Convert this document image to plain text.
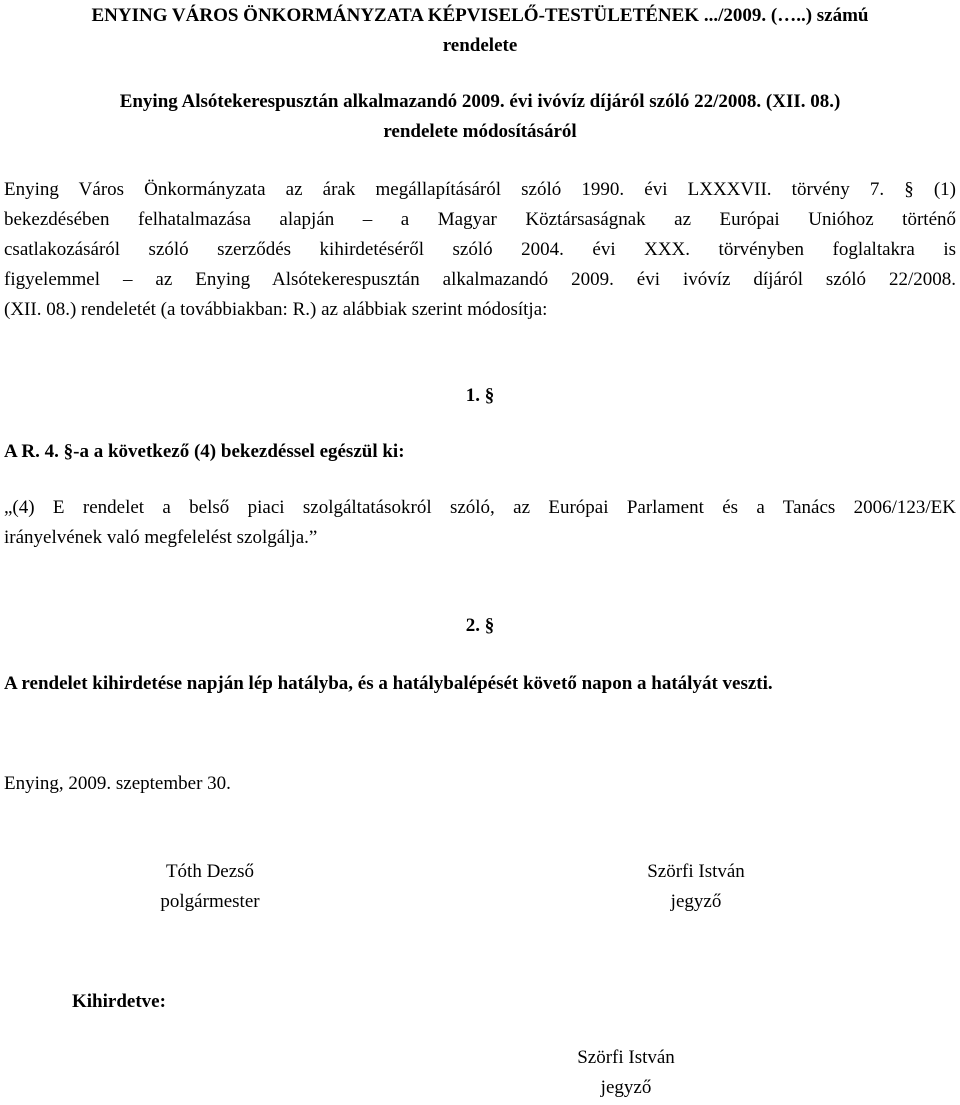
ENYING VÁROS ÖNKORMÁNYZATA KÉPVISELŐ-TESTÜLETÉNEK .../2009. (…..) számú
rendelete
Enying Alsótekerespusztán alkalmazandó 2009. évi ivóvíz díjáról szóló 22/2008. (XII. 08.)
rendelete módosításáról
Enying Város Önkormányzata az árak megállapításáról szóló 1990. évi LXXXVII. törvény 7. § (1)
bekezdésében felhatalmazása alapján – a Magyar Köztársaságnak az Európai Unióhoz történő
csatlakozásáról szóló szerződés kihirdetéséről szóló 2004. évi XXX. törvényben foglaltakra is
figyelemmel – az Enying Alsótekerespusztán alkalmazandó 2009. évi ivóvíz díjáról szóló 22/2008.
(XII. 08.) rendeletét (a továbbiakban: R.) az alábbiak szerint módosítja:
1. §
A R. 4. §-a a következő (4) bekezdéssel egészül ki:
„(4) E rendelet a belső piaci szolgáltatásokról szóló, az Európai Parlament és a Tanács 2006/123/EK
irányelvének való megfelelést szolgálja.”
2. §
A rendelet kihirdetése napján lép hatályba, és a hatálybalépését követő napon a hatályát veszti.
Enying, 2009. szeptember 30.
Tóth Dezső
polgármester
Szörfi István
jegyző
Kihirdetve:
Szörfi István
jegyző
